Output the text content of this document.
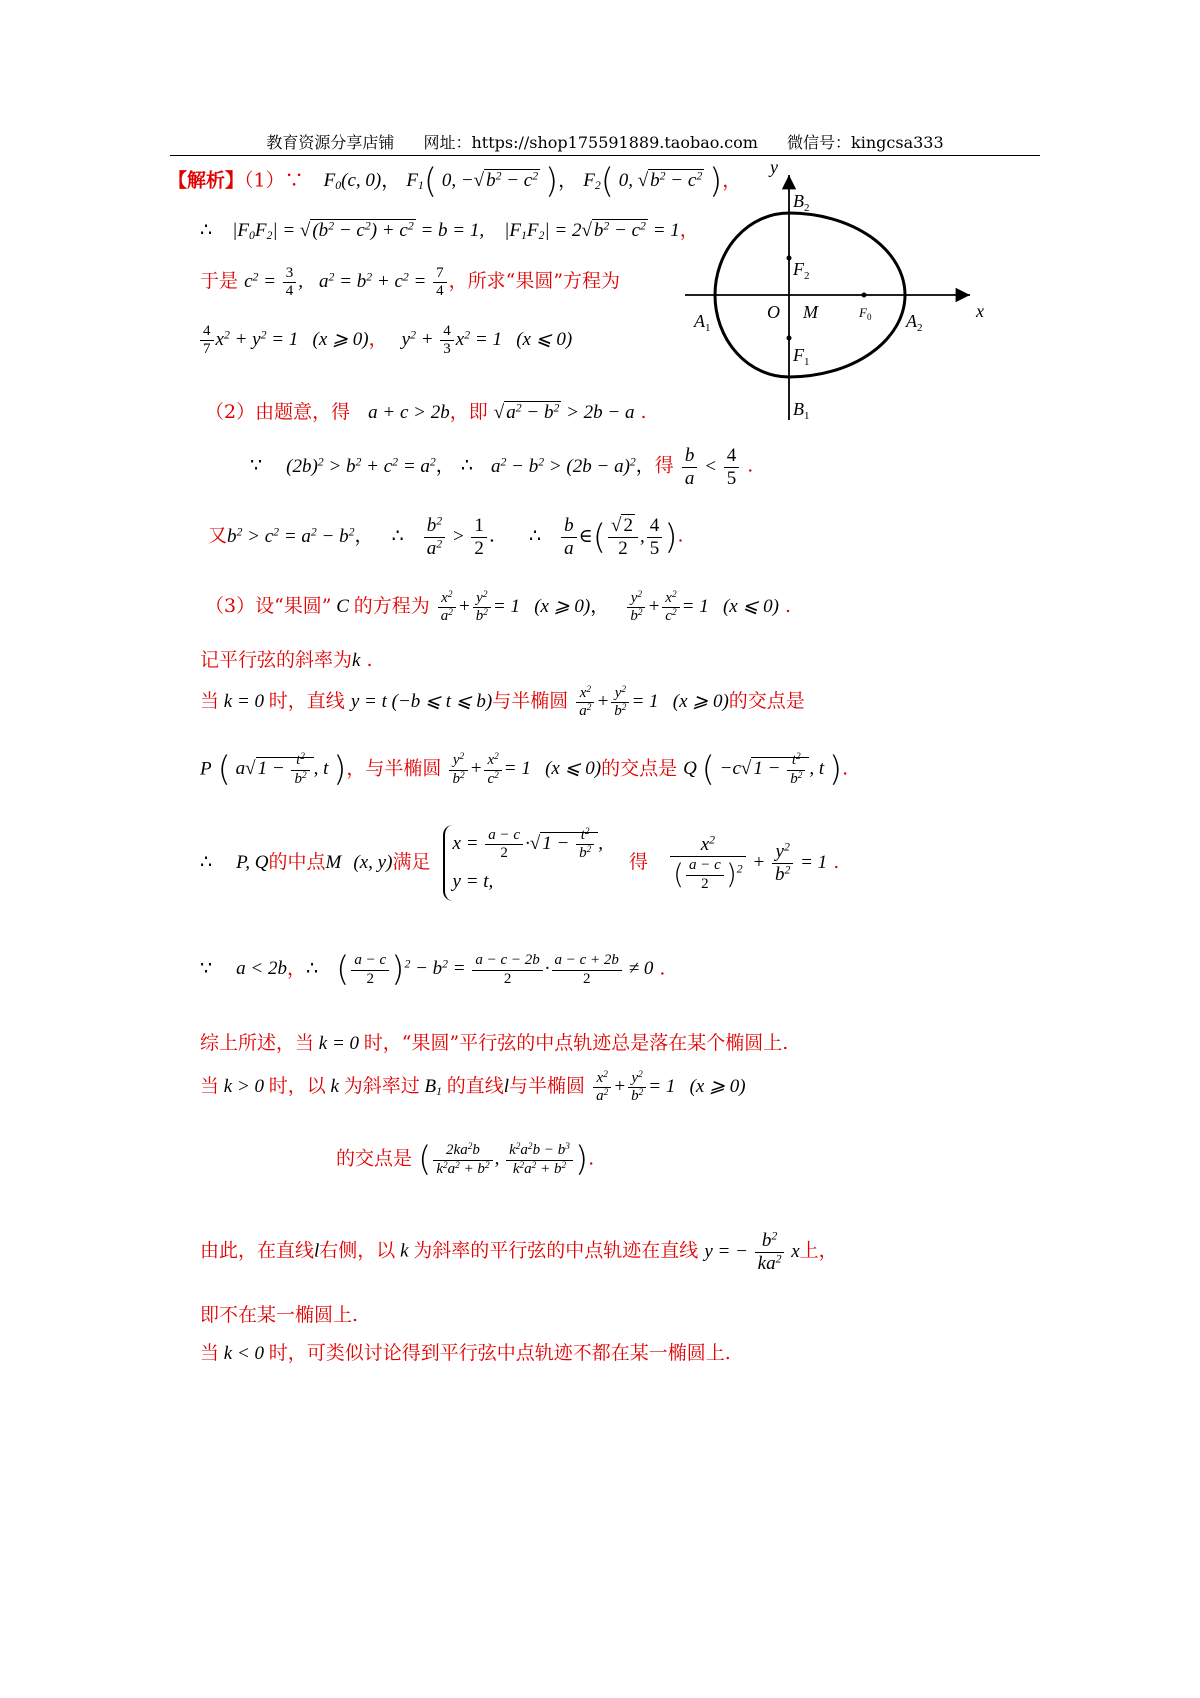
教育资源分享店铺 网址：https://shop175591889.taobao.com 微信号：kingcsa333
【解析】（1）∵ $F_0(c$, 0)， $F_1$( 0, −√ $b^2 - c^2$ )， $F_2$( 0, √ $b^2 - c^2$ )，
∴ $|F_0F_2|$ = √ $(b^2 - c^2) + c^2 = b = 1$, $|F_1F_2| = 2√$ $b^2 - c^2 = 1$，
于是 $c^2 = \frac{3}{4}$ , $a^2 = b^2 + c^2 = \frac{7}{4}$ ，所求“果圆”方程为
$\frac{4}{7} x^2 + y^2 = 1$   (x ⩾ 0)， $y^2 + \frac{4}{3} x^2 = 1$   (x ⩽ 0)
（2）由题意，得 a + c > 2b，即 √ $a^2 - b^2 > 2b - a$ .
∵ $(2b)^2 > b^2 + c^2 = a^2$， ∴ $a^2 - b^2 > (2b - a)^2$，得 $\frac{b}{a} < \frac{4}{5}$ .
又$b^2 > c^2 = a^2 - b^2$， ∴ $\frac{b^2}{a^2} > \frac{1}{2}$ . ∴ $\frac{b}{a}$ ∈( $\frac{√ 2}{2}$ , $\frac{4}{5}$ ).
（3）设“果圆” C 的方程为 $\frac{x^2}{a^2} + \frac{y^2}{b^2} = 1$   (x ⩾ 0)， $\frac{y^2}{b^2} + \frac{x^2}{c^2} = 1$   (x ⩽ 0) .
记平行弦的斜率为k .
当 k = 0 时，直线 y = t (−b ⩽ t ⩽ b)与半椭圆 $\frac{x^2}{a^2} + \frac{y^2}{b^2} = 1$   (x ⩾ 0)的交点是
P ( a√ $1 - \frac{t^2}{b^2}$ , t )，与半椭圆 $\frac{y^2}{b^2} + \frac{x^2}{c^2} = 1$   (x ⩽ 0)的交点是 Q ( −c√ $1 - \frac{t^2}{b^2}$ , t ).
∴ P, Q的中点M (x, y)满足
$x = \frac{a - c}{2}$ ·√ $1 - \frac{t^2}{b^2}$ ,
y = t,
得 $\frac{x^2}{( \frac{a - c}{2} )^2} + \frac{y^2}{b^2} = 1$ .
∵ a < 2b，∴ ( $\frac{a - c}{2} )^2 - b^2 = \frac{a - c - 2b}{2} \cdot \frac{a - c + 2b}{2} \ne 0$ .
综上所述，当 k = 0 时，“果圆”平行弦的中点轨迹总是落在某个椭圆上.
当 k > 0 时，以 k 为斜率过 $B_1$ 的直线l与半椭圆 $\frac{x^2}{a^2} + \frac{y^2}{b^2} = 1$   (x ⩾ 0)
的交点是 ( $\frac{2ka^2b}{k^2a^2 + b^2}$ , $\frac{k^2a^2b - b^3}{k^2a^2 + b^2}$ ).
由此，在直线l右侧，以 k 为斜率的平行弦的中点轨迹在直线 y = − $\frac{b^2}{ka^2}$ x上，
即不在某一椭圆上.
当 k < 0 时，可类似讨论得到平行弦中点轨迹不都在某一椭圆上.
y
x
$B_2$
$F_2$
O M	$F_0$
$A_1$	$A_2$
$F_1$
$B_1$
